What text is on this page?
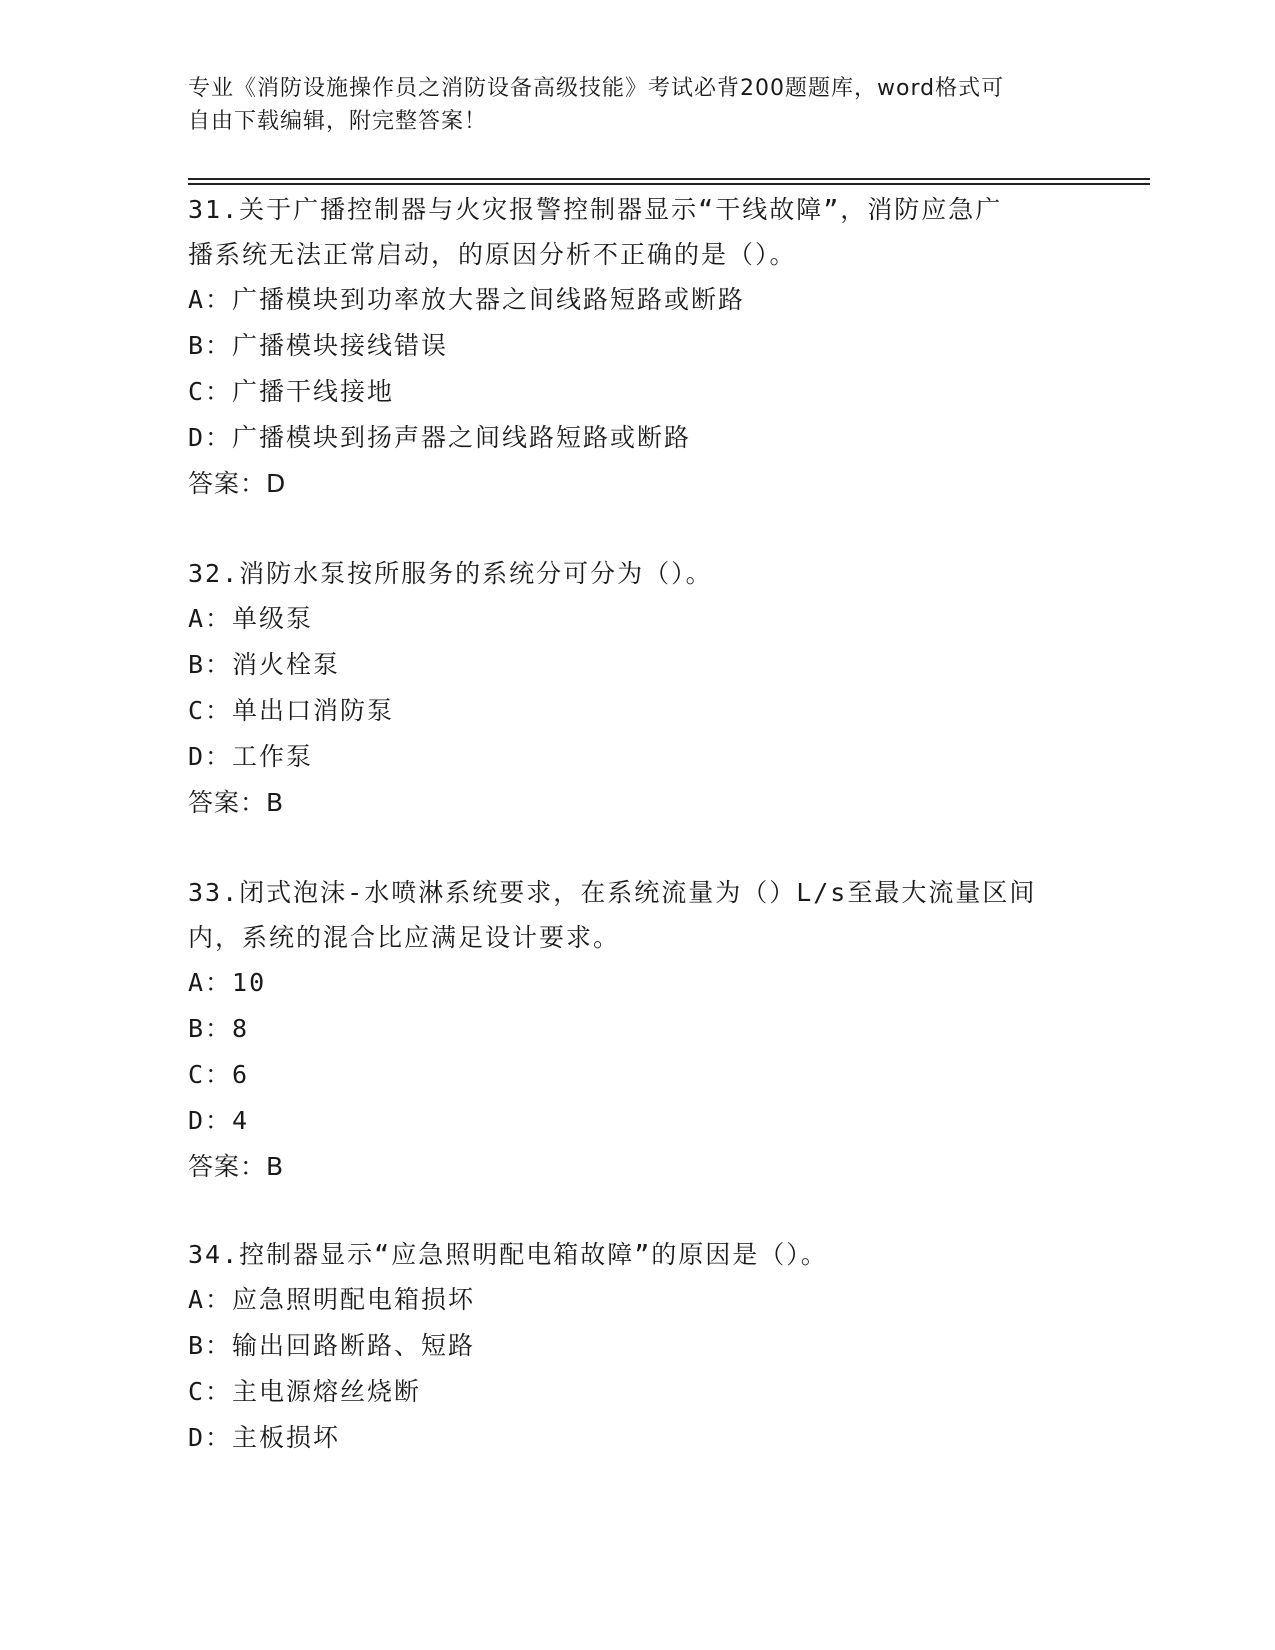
专业《消防设施操作员之消防设备高级技能》考试必背200题题库，word格式可
自由下载编辑，附完整答案！
31.关于广播控制器与火灾报警控制器显示“干线故障”，消防应急广
播系统无法正常启动，的原因分析不正确的是（）。
A：广播模块到功率放大器之间线路短路或断路
B：广播模块接线错误
C：广播干线接地
D：广播模块到扬声器之间线路短路或断路
答案：D
32.消防水泵按所服务的系统分可分为（）。
A：单级泵
B：消火栓泵
C：单出口消防泵
D：工作泵
答案：B
33.闭式泡沫-水喷淋系统要求，在系统流量为（）L/s至最大流量区间
内，系统的混合比应满足设计要求。
A：10
B：8
C：6
D：4
答案：B
34.控制器显示“应急照明配电箱故障”的原因是（）。
A：应急照明配电箱损坏
B：输出回路断路、短路
C：主电源熔丝烧断
D：主板损坏
